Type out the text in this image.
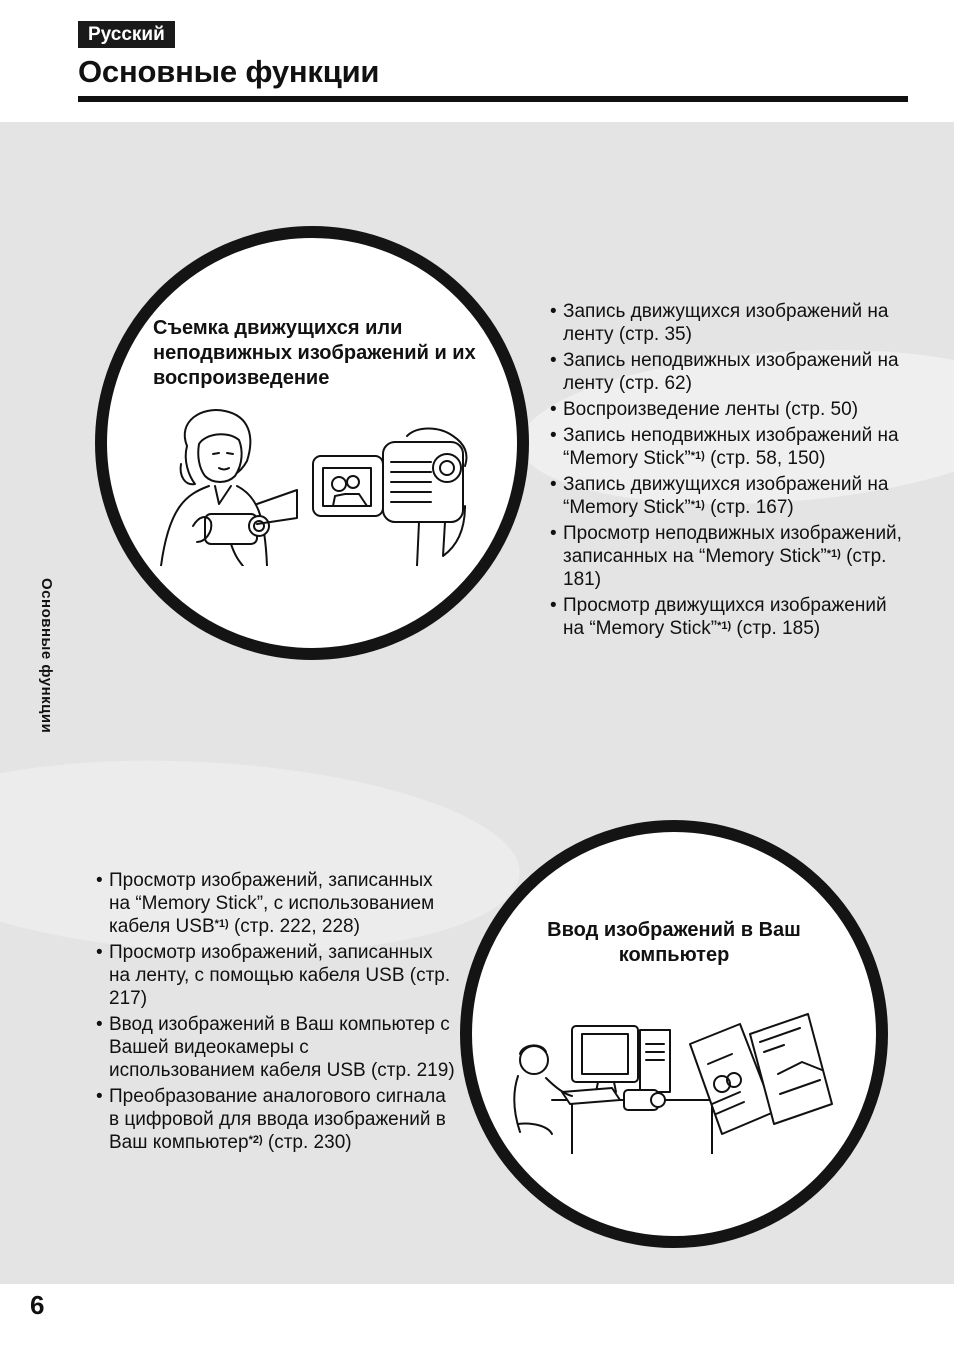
Русский
Основные функции
Съемка движущихся или неподвижных изображений и их воспроизведение
• Запись движущихся изображений на ленту (стр. 35)
• Запись неподвижных изображений на ленту (стр. 62)
• Воспроизведение ленты (стр. 50)
• Запись неподвижных изображений на “Memory Stick”$^{*1)}$ (стр. 58, 150)
• Запись движущихся изображений на “Memory Stick”$^{*1)}$ (стр. 167)
• Просмотр неподвижных изображений, записанных на “Memory Stick”$^{*1)}$ (стр. 181)
• Просмотр движущихся изображений на “Memory Stick”$^{*1)}$ (стр. 185)
Ввод изображений в Ваш компьютер
• Просмотр изображений, записанных на “Memory Stick”, с использованием кабеля USB$^{*1)}$ (стр. 222, 228)
• Просмотр изображений, записанных на ленту, с помощью кабеля USB (стр. 217)
• Ввод изображений в Ваш компьютер с Вашей видеокамеры с использованием кабеля USB (стр. 219)
• Преобразование аналогового сигнала в цифровой для ввода изображений в Ваш компьютер$^{*2)}$ (стр. 230)
Основные функции
6
